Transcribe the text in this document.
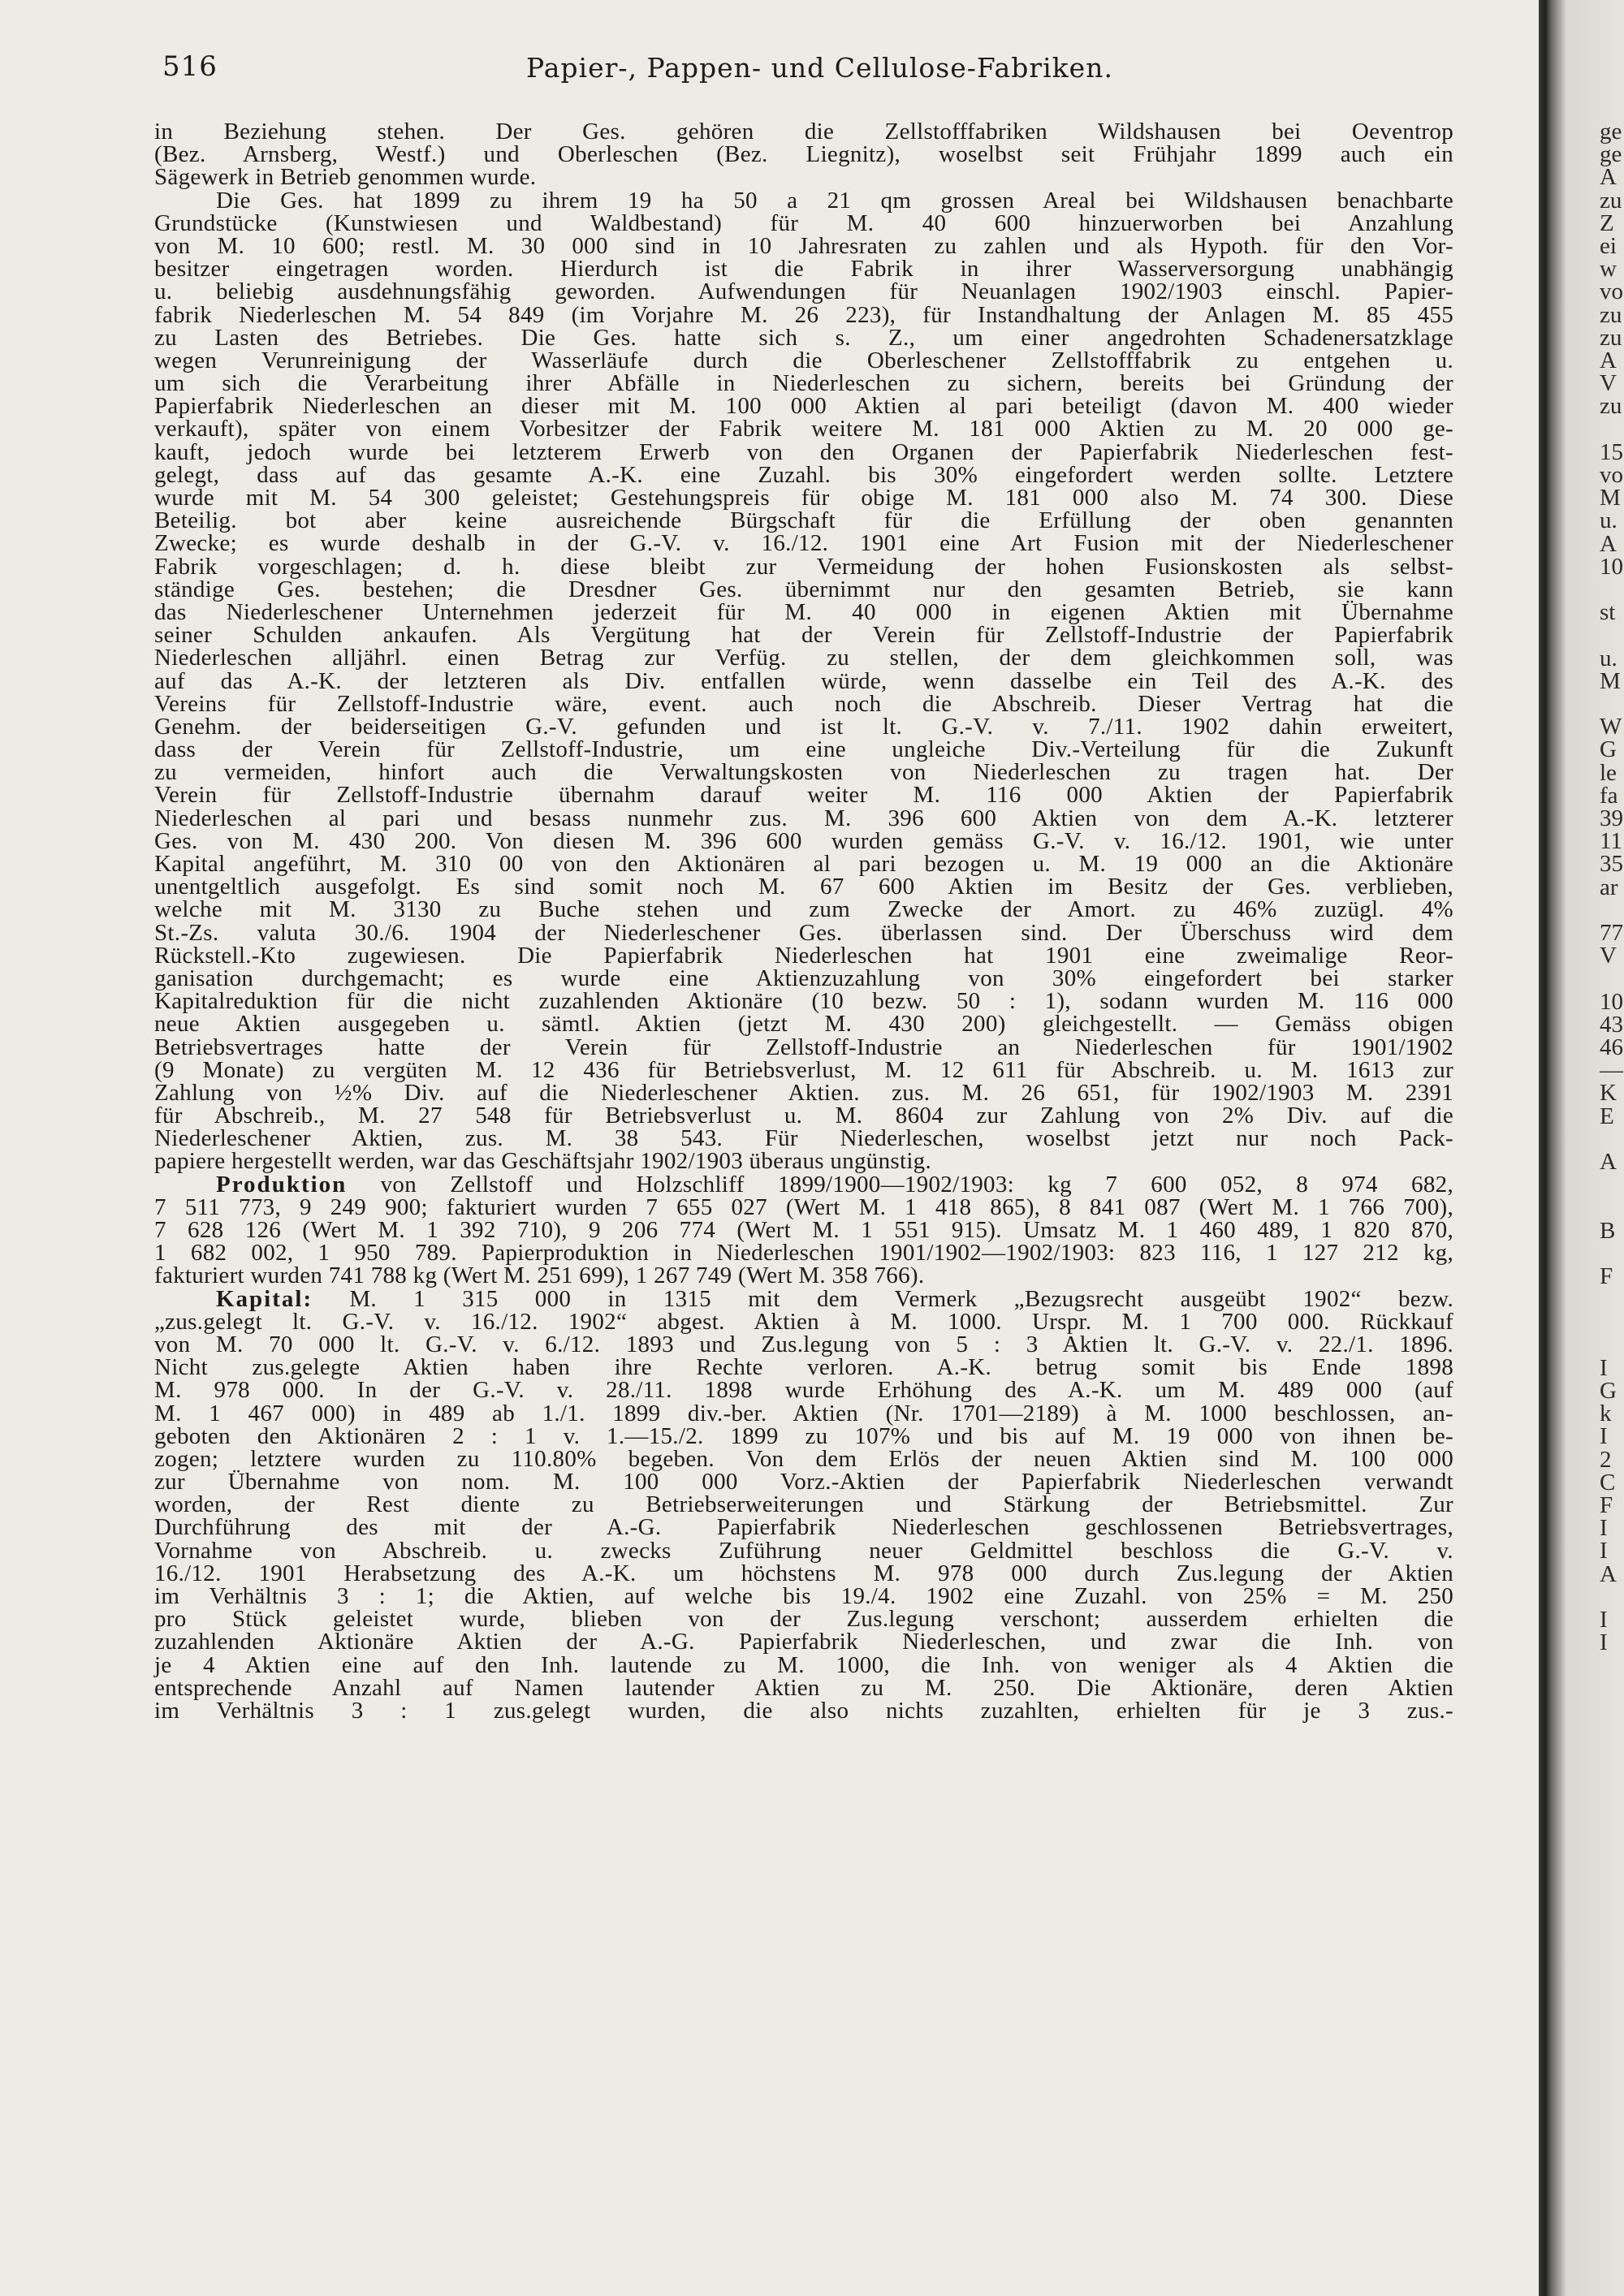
516	Papier-, Pappen- und Cellulose-Fabriken.
in Beziehung stehen. Der Ges. gehören die Zellstofffabriken Wildshausen bei Oeventrop
(Bez. Arnsberg, Westf.) und Oberleschen (Bez. Liegnitz), woselbst seit Frühjahr 1899 auch ein
Sägewerk in Betrieb genommen wurde.
Die Ges. hat 1899 zu ihrem 19 ha 50 a 21 qm grossen Areal bei Wildshausen benachbarte
Grundstücke (Kunstwiesen und Waldbestand) für M. 40 600 hinzuerworben bei Anzahlung
von M. 10 600; restl. M. 30 000 sind in 10 Jahresraten zu zahlen und als Hypoth. für den Vor-
besitzer eingetragen worden. Hierdurch ist die Fabrik in ihrer Wasserversorgung unabhängig
u. beliebig ausdehnungsfähig geworden. Aufwendungen für Neuanlagen 1902/1903 einschl. Papier-
fabrik Niederleschen M. 54 849 (im Vorjahre M. 26 223), für Instandhaltung der Anlagen M. 85 455
zu Lasten des Betriebes. Die Ges. hatte sich s. Z., um einer angedrohten Schadenersatzklage
wegen Verunreinigung der Wasserläufe durch die Oberleschener Zellstofffabrik zu entgehen u.
um sich die Verarbeitung ihrer Abfälle in Niederleschen zu sichern, bereits bei Gründung der
Papierfabrik Niederleschen an dieser mit M. 100 000 Aktien al pari beteiligt (davon M. 400 wieder
verkauft), später von einem Vorbesitzer der Fabrik weitere M. 181 000 Aktien zu M. 20 000 ge-
kauft, jedoch wurde bei letzterem Erwerb von den Organen der Papierfabrik Niederleschen fest-
gelegt, dass auf das gesamte A.-K. eine Zuzahl. bis 30% eingefordert werden sollte. Letztere
wurde mit M. 54 300 geleistet; Gestehungspreis für obige M. 181 000 also M. 74 300. Diese
Beteilig. bot aber keine ausreichende Bürgschaft für die Erfüllung der oben genannten
Zwecke; es wurde deshalb in der G.-V. v. 16./12. 1901 eine Art Fusion mit der Niederleschener
Fabrik vorgeschlagen; d. h. diese bleibt zur Vermeidung der hohen Fusionskosten als selbst-
ständige Ges. bestehen; die Dresdner Ges. übernimmt nur den gesamten Betrieb, sie kann
das Niederleschener Unternehmen jederzeit für M. 40 000 in eigenen Aktien mit Übernahme
seiner Schulden ankaufen. Als Vergütung hat der Verein für Zellstoff-Industrie der Papierfabrik
Niederleschen alljährl. einen Betrag zur Verfüg. zu stellen, der dem gleichkommen soll, was
auf das A.-K. der letzteren als Div. entfallen würde, wenn dasselbe ein Teil des A.-K. des
Vereins für Zellstoff-Industrie wäre, event. auch noch die Abschreib. Dieser Vertrag hat die
Genehm. der beiderseitigen G.-V. gefunden und ist lt. G.-V. v. 7./11. 1902 dahin erweitert,
dass der Verein für Zellstoff-Industrie, um eine ungleiche Div.-Verteilung für die Zukunft
zu vermeiden, hinfort auch die Verwaltungskosten von Niederleschen zu tragen hat. Der
Verein für Zellstoff-Industrie übernahm darauf weiter M. 116 000 Aktien der Papierfabrik
Niederleschen al pari und besass nunmehr zus. M. 396 600 Aktien von dem A.-K. letzterer
Ges. von M. 430 200. Von diesen M. 396 600 wurden gemäss G.-V. v. 16./12. 1901, wie unter
Kapital angeführt, M. 310 00 von den Aktionären al pari bezogen u. M. 19 000 an die Aktionäre
unentgeltlich ausgefolgt. Es sind somit noch M. 67 600 Aktien im Besitz der Ges. verblieben,
welche mit M. 3130 zu Buche stehen und zum Zwecke der Amort. zu 46% zuzügl. 4%
St.-Zs. valuta 30./6. 1904 der Niederleschener Ges. überlassen sind. Der Überschuss wird dem
Rückstell.-Kto zugewiesen. Die Papierfabrik Niederleschen hat 1901 eine zweimalige Reor-
ganisation durchgemacht; es wurde eine Aktienzuzahlung von 30% eingefordert bei starker
Kapitalreduktion für die nicht zuzahlenden Aktionäre (10 bezw. 50 : 1), sodann wurden M. 116 000
neue Aktien ausgegeben u. sämtl. Aktien (jetzt M. 430 200) gleichgestellt. — Gemäss obigen
Betriebsvertrages hatte der Verein für Zellstoff-Industrie an Niederleschen für 1901/1902
(9 Monate) zu vergüten M. 12 436 für Betriebsverlust, M. 12 611 für Abschreib. u. M. 1613 zur
Zahlung von ½% Div. auf die Niederleschener Aktien. zus. M. 26 651, für 1902/1903 M. 2391
für Abschreib., M. 27 548 für Betriebsverlust u. M. 8604 zur Zahlung von 2% Div. auf die
Niederleschener Aktien, zus. M. 38 543. Für Niederleschen, woselbst jetzt nur noch Pack-
papiere hergestellt werden, war das Geschäftsjahr 1902/1903 überaus ungünstig.
Produktion von Zellstoff und Holzschliff 1899/1900—1902/1903: kg 7 600 052, 8 974 682,
7 511 773, 9 249 900; fakturiert wurden 7 655 027 (Wert M. 1 418 865), 8 841 087 (Wert M. 1 766 700),
7 628 126 (Wert M. 1 392 710), 9 206 774 (Wert M. 1 551 915). Umsatz M. 1 460 489, 1 820 870,
1 682 002, 1 950 789. Papierproduktion in Niederleschen 1901/1902—1902/1903: 823 116, 1 127 212 kg,
fakturiert wurden 741 788 kg (Wert M. 251 699), 1 267 749 (Wert M. 358 766).
Kapital: M. 1 315 000 in 1315 mit dem Vermerk „Bezugsrecht ausgeübt 1902“ bezw.
„zus.gelegt lt. G.-V. v. 16./12. 1902“ abgest. Aktien à M. 1000. Urspr. M. 1 700 000. Rückkauf
von M. 70 000 lt. G.-V. v. 6./12. 1893 und Zus.legung von 5 : 3 Aktien lt. G.-V. v. 22./1. 1896.
Nicht zus.gelegte Aktien haben ihre Rechte verloren. A.-K. betrug somit bis Ende 1898
M. 978 000. In der G.-V. v. 28./11. 1898 wurde Erhöhung des A.-K. um M. 489 000 (auf
M. 1 467 000) in 489 ab 1./1. 1899 div.-ber. Aktien (Nr. 1701—2189) à M. 1000 beschlossen, an-
geboten den Aktionären 2 : 1 v. 1.—15./2. 1899 zu 107% und bis auf M. 19 000 von ihnen be-
zogen; letztere wurden zu 110.80% begeben. Von dem Erlös der neuen Aktien sind M. 100 000
zur Übernahme von nom. M. 100 000 Vorz.-Aktien der Papierfabrik Niederleschen verwandt
worden, der Rest diente zu Betriebserweiterungen und Stärkung der Betriebsmittel. Zur
Durchführung des mit der A.-G. Papierfabrik Niederleschen geschlossenen Betriebsvertrages,
Vornahme von Abschreib. u. zwecks Zuführung neuer Geldmittel beschloss die G.-V. v.
16./12. 1901 Herabsetzung des A.-K. um höchstens M. 978 000 durch Zus.legung der Aktien
im Verhältnis 3 : 1; die Aktien, auf welche bis 19./4. 1902 eine Zuzahl. von 25% = M. 250
pro Stück geleistet wurde, blieben von der Zus.legung verschont; ausserdem erhielten die
zuzahlenden Aktionäre Aktien der A.-G. Papierfabrik Niederleschen, und zwar die Inh. von
je 4 Aktien eine auf den Inh. lautende zu M. 1000, die Inh. von weniger als 4 Aktien die
entsprechende Anzahl auf Namen lautender Aktien zu M. 250. Die Aktionäre, deren Aktien
im Verhältnis 3 : 1 zus.gelegt wurden, die also nichts zuzahlten, erhielten für je 3 zus.-
ge
ge
A
zu
Z
ei
w
vo
zu
zu
A
V
zu
15
vo
M
u.
A
10
st
u.
M
W
G
le
fa
39
11
35
ar
77
V
10
43
46
—
K
E
A
B
F
I
G
k
I
2
C
F
I
I
A
I
I
